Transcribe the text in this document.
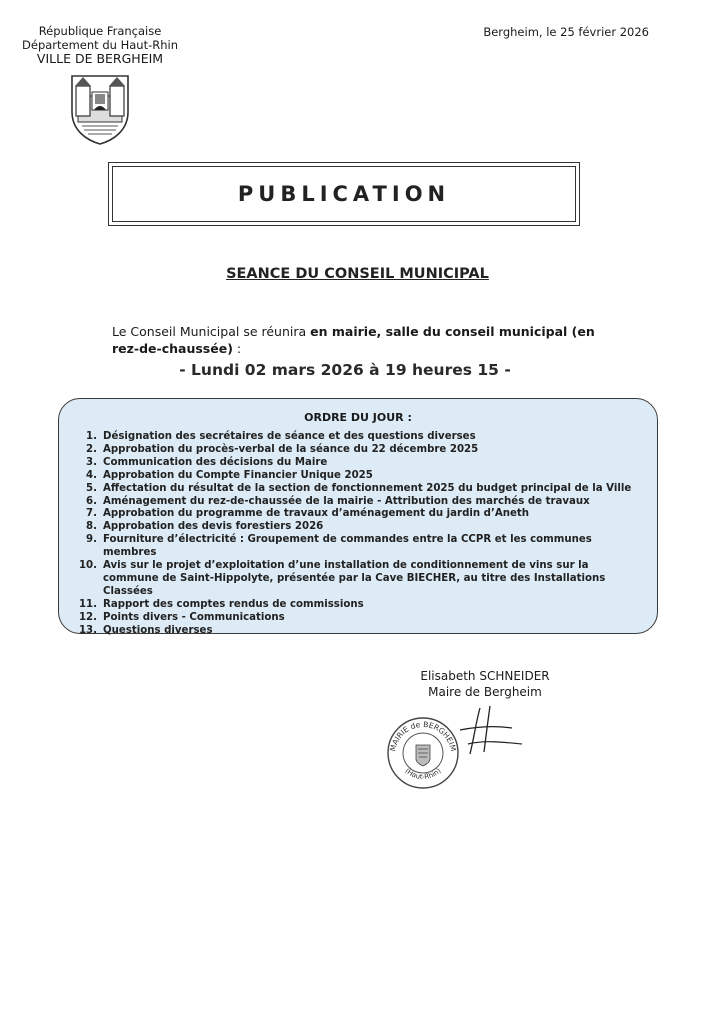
République Française
Département du Haut-Rhin
VILLE DE BERGHEIM
Bergheim, le 25 février 2026
PUBLICATION
SEANCE DU CONSEIL MUNICIPAL
Le Conseil Municipal se réunira en mairie, salle du conseil municipal (en rez-de-chaussée) :
- Lundi 02 mars 2026 à 19 heures 15 -
ORDRE DU JOUR :
1. Désignation des secrétaires de séance et des questions diverses
2. Approbation du procès-verbal de la séance du 22 décembre 2025
3. Communication des décisions du Maire
4. Approbation du Compte Financier Unique 2025
5. Affectation du résultat de la section de fonctionnement 2025 du budget principal de la Ville
6. Aménagement du rez-de-chaussée de la mairie - Attribution des marchés de travaux
7. Approbation du programme de travaux d’aménagement du jardin d’Aneth
8. Approbation des devis forestiers 2026
9. Fourniture d’électricité : Groupement de commandes entre la CCPR et les communes membres
10. Avis sur le projet d’exploitation d’une installation de conditionnement de vins sur la commune de Saint-Hippolyte, présentée par la Cave BIECHER, au titre des Installations Classées
11. Rapport des comptes rendus de commissions
12. Points divers - Communications
13. Questions diverses
Elisabeth SCHNEIDER
Maire de Bergheim
MAIRIE de BERGHEIM
(Haut-Rhin)
